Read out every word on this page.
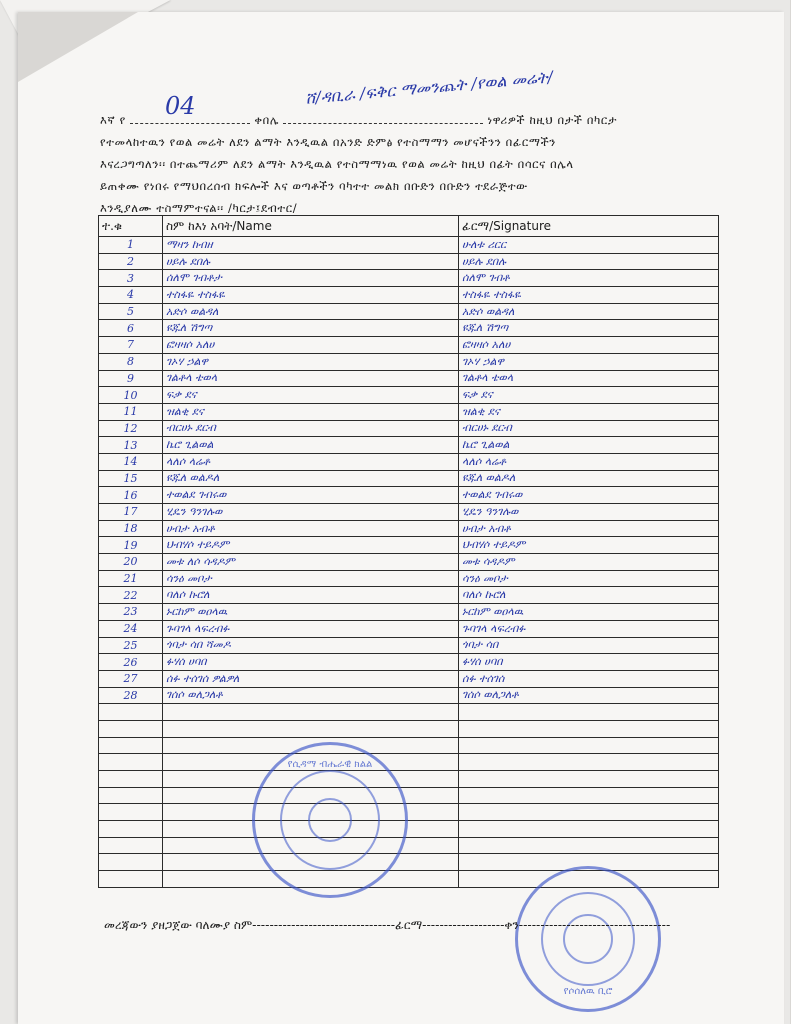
እኛ የ	ቀበሌ	ነዋሪዎች ከዚህ በታች በካርታ
የተመላከተዉን የወል መሬት ለደን ልማት እንዲዉል በአንድ ድምፅ የተስማማን መሆናችንን በፊርማችን
እናረጋግጣለን፡፡ በተጨማሪም ለደን ልማት እንዲዉል የተስማማነዉ የወል መሬት ከዚህ በፊት በሳርና በሌላ
ይጠቀሙ የነበሩ የማህበረሰብ ክፍሎች እና ወጣቶችን ባካተተ መልክ በቡድን በቡድን ተደራጅተው
እንዲያለሙ ተስማምተናል፡፡ /ካርታ፤ደብተር/
04	ሸ/ዳቢራ /ፍቅር ማመንጨት /የወል መሬት/
ተ.ቁ	ስም ከእነ አባት/Name	ፊርማ/Signature
1	ማዛን ከብዘ	ሁለቱ ሪርር
2	ሀይሉ ደበሉ	ሀይሉ ደበሉ
3	ሰለሞ ገብቶታ	ሰለሞ ገብቶ
4	ተስፋዬ ተስፋዬ	ተስፋዬ ተስፋዬ
5	አድሶ ወልዳለ	አድሶ ወልዳለ
6	ዩጁለ ሽግጣ	ዩጁለ ሽግጣ
7	ፎዛዛሶ አለሀ	ፎዛዛሶ አለሀ
8	ገኦሃ ኃልዋ	ገኦሃ ኃልዋ
9	ገልቶላ ቴወላ	ገልቶላ ቴወላ
10	ፍቃ ደና	ፍቃ ደና
11	ዝልቂ ደና	ዝልቂ ደና
12	ብርሀኑ ደርብ	ብርሀኑ ደርብ
13	ኬሮ ጊልወል	ኬሮ ጊልወል
14	ላለሶ ላሬቶ	ላለሶ ላሬቶ
15	ዩጁለ ወልዶለ	ዩጁለ ወልዶለ
16	ተወልደ ገብሩወ	ተወልደ ገብሩወ
17	ሂዴን ዓንገሉወ	ሂዴን ዓንገሉወ
18	ሀብታ አብቶ	ሀብታ አብቶ
19	ህብሃሶ ተይዶም	ህብሃሶ ተይዶም
20	መቱ ለሶ ሳዳዶም	መቱ ሳዳዶም
21	ሳንዕ መቦታ	ሳንዕ መቦታ
22	ባለሶ ኩሮለ	ባለሶ ኩሮለ
23	ኑርከም ወዐላዉ	ኑርከም ወዐላዉ
24	ጉባገላ ላፍረብፉ	ጉባገላ ላፍረብፉ
25	ጎባታ ሳበ ሻመዶ	ጎባታ ሳበ
26	ፉሃሰ ሀባበ	ፉሃሰ ሀባበ
27	ሰፉ ተሰገሰ ዎልዎለ	ሰፉ ተሰገሰ
28	ገሰሶ ወለጋለቶ	ገሰሶ ወለጋለቶ

የሲዳማ ብሔራዊ ክልል
የሶሰለዉ ቢሮ
መረጃውን ያዘጋጀው ባለሙያ ስም---------------------------------ፊርማ-------------------ቀን-----------------------------------
